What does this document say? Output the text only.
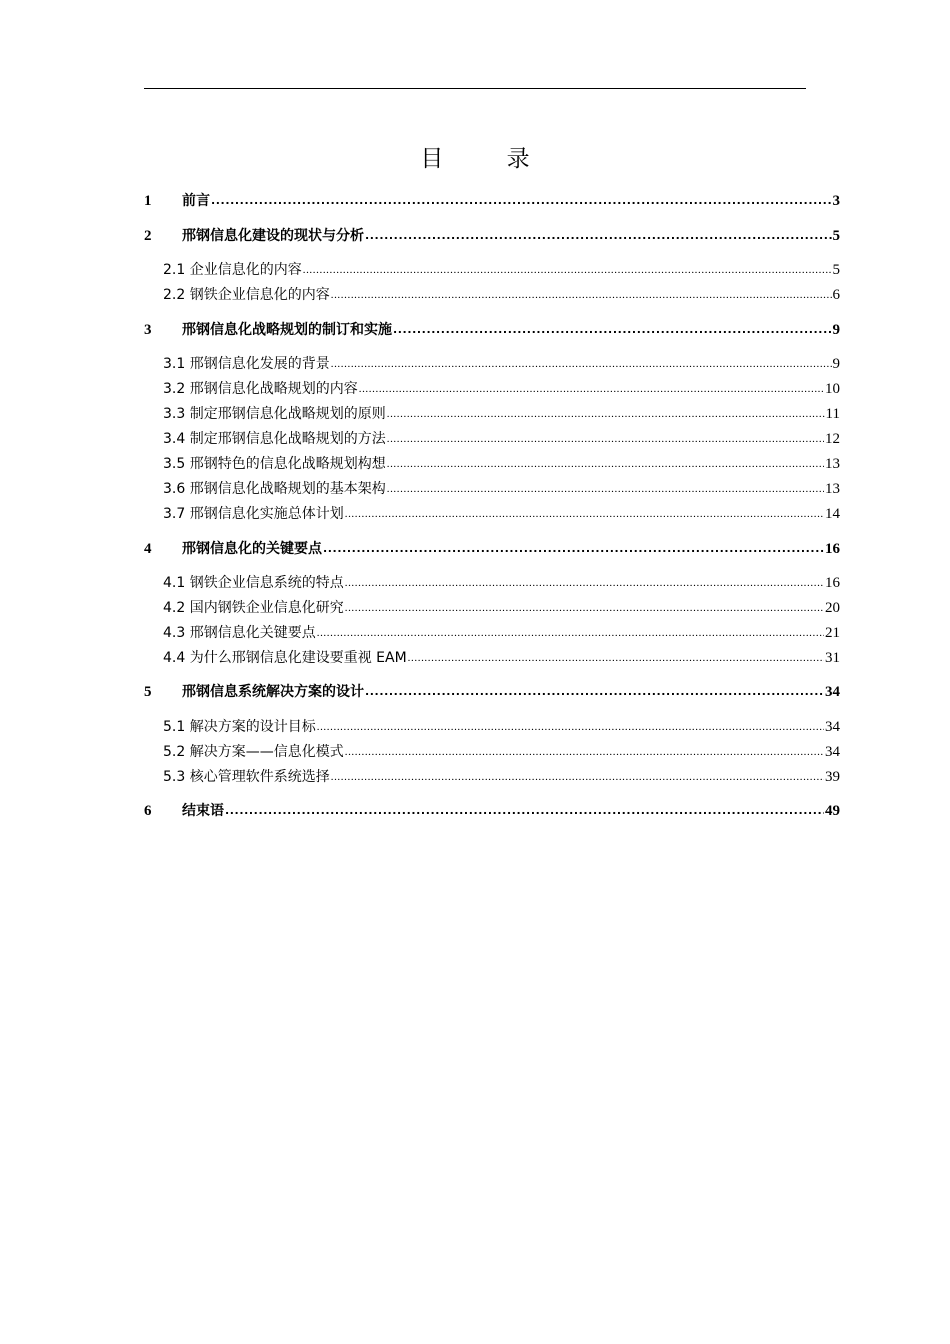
目 录
1	前言 .....	3
2	邢钢信息化建设的现状与分析 .....	5
2.1 企业信息化的内容 .....	5
2.2 钢铁企业信息化的内容 .....	6
3	邢钢信息化战略规划的制订和实施 .....	9
3.1 邢钢信息化发展的背景 .....	9
3.2 邢钢信息化战略规划的内容 .....	10
3.3 制定邢钢信息化战略规划的原则 .....	11
3.4 制定邢钢信息化战略规划的方法 .....	12
3.5 邢钢特色的信息化战略规划构想 .....	13
3.6 邢钢信息化战略规划的基本架构 .....	13
3.7 邢钢信息化实施总体计划 .....	14
4	邢钢信息化的关键要点 .....	16
4.1 钢铁企业信息系统的特点 .....	16
4.2 国内钢铁企业信息化研究 .....	20
4.3 邢钢信息化关键要点 .....	21
4.4 为什么邢钢信息化建设要重视 EAM .....	31
5	邢钢信息系统解决方案的设计 .....	34
5.1 解决方案的设计目标 .....	34
5.2 解决方案——信息化模式 .....	34
5.3 核心管理软件系统选择 .....	39
6	结束语 .....	49
